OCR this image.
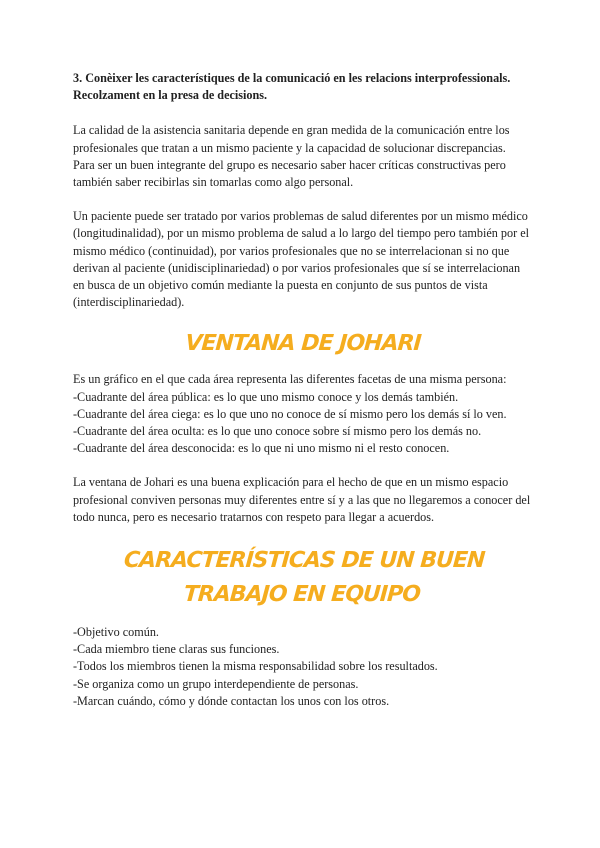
3. Conèixer les característiques de la comunicació en les relacions interprofessionals. Recolzament en la presa de decisions.

La calidad de la asistencia sanitaria depende en gran medida de la comunicación entre los profesionales que tratan a un mismo paciente y la capacidad de solucionar discrepancias.

Para ser un buen integrante del grupo es necesario saber hacer críticas constructivas pero también saber recibirlas sin tomarlas como algo personal.

Un paciente puede ser tratado por varios problemas de salud diferentes por un mismo médico (longitudinalidad), por un mismo problema de salud a lo largo del tiempo pero también por el mismo médico (continuidad), por varios profesionales que no se interrelacionan si no que derivan al paciente (unidisciplinariedad) o por varios profesionales que sí se interrelacionan en busca de un objetivo común mediante la puesta en conjunto de sus puntos de vista (interdisciplinariedad).

VENTANA DE JOHARI

Es un gráfico en el que cada área representa las diferentes facetas de una misma persona:

-Cuadrante del área pública: es lo que uno mismo conoce y los demás también.

-Cuadrante del área ciega: es lo que uno no conoce de sí mismo pero los demás sí lo ven.

-Cuadrante del área oculta: es lo que uno conoce sobre sí mismo pero los demás no.

-Cuadrante del área desconocida: es lo que ni uno mismo ni el resto conocen.

La ventana de Johari es una buena explicación para el hecho de que en un mismo espacio profesional conviven personas muy diferentes entre sí y a las que no llegaremos a conocer del todo nunca, pero es necesario tratarnos con respeto para llegar a acuerdos.

CARACTERÍSTICAS DE UN BUEN TRABAJO EN EQUIPO

-Objetivo común.

-Cada miembro tiene claras sus funciones.

-Todos los miembros tienen la misma responsabilidad sobre los resultados.

-Se organiza como un grupo interdependiente de personas.

-Marcan cuándo, cómo y dónde contactan los unos con los otros.
